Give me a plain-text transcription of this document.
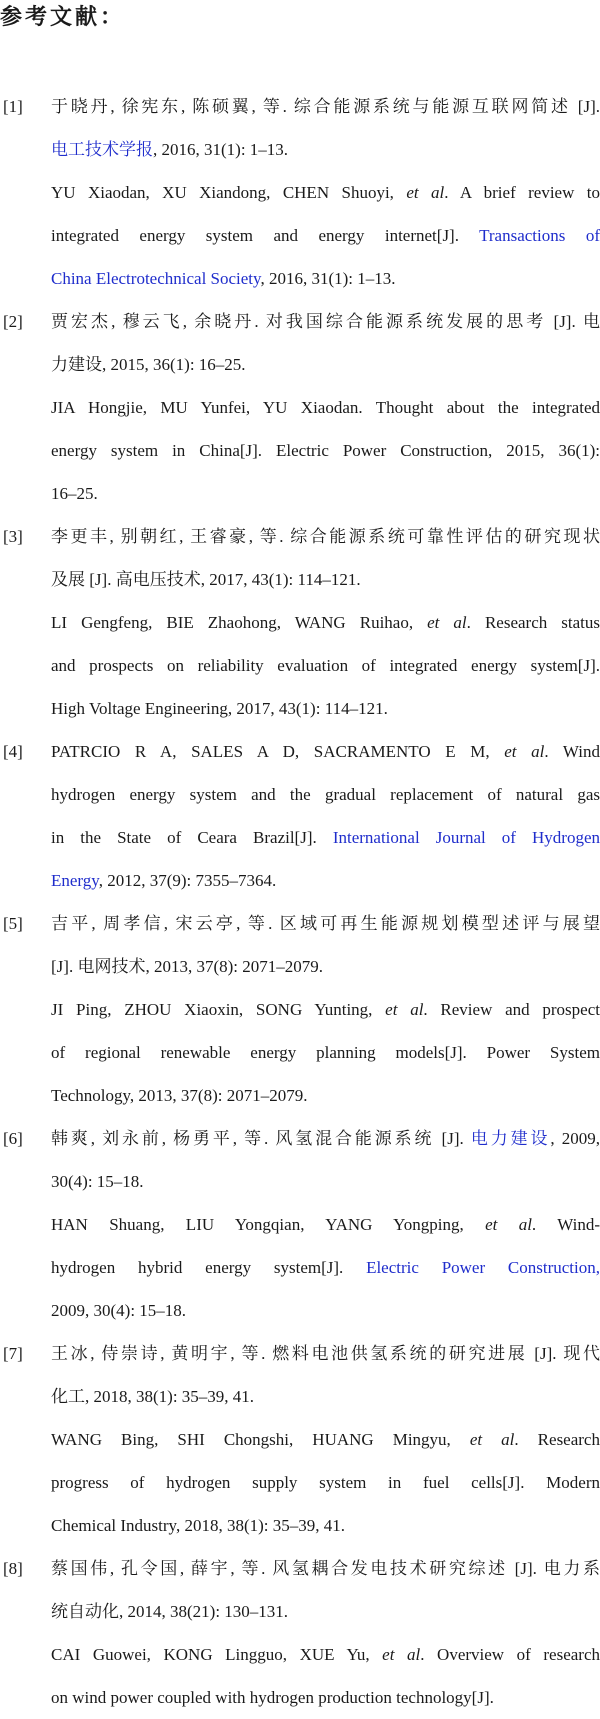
参考文献：
[1] 于晓丹, 徐宪东, 陈硕翼, 等. 综合能源系统与能源互联网简述 [J].
电工技术学报, 2016, 31(1): 1–13.
YU Xiaodan, XU Xiandong, CHEN Shuoyi, et al. A brief review to
integrated energy system and energy internet[J]. Transactions of
China Electrotechnical Society, 2016, 31(1): 1–13.
[2] 贾宏杰, 穆云飞, 余晓丹. 对我国综合能源系统发展的思考 [J]. 电
力建设, 2015, 36(1): 16–25.
JIA Hongjie, MU Yunfei, YU Xiaodan. Thought about the integrated
energy system in China[J]. Electric Power Construction, 2015, 36(1):
16–25.
[3] 李更丰, 别朝红, 王睿豪, 等. 综合能源系统可靠性评估的研究现状
及展 [J]. 高电压技术, 2017, 43(1): 114–121.
LI Gengfeng, BIE Zhaohong, WANG Ruihao, et al. Research status
and prospects on reliability evaluation of integrated energy system[J].
High Voltage Engineering, 2017, 43(1): 114–121.
[4] PATRCIO R A, SALES A D, SACRAMENTO E M, et al. Wind
hydrogen energy system and the gradual replacement of natural gas
in the State of Ceara Brazil[J]. International Journal of Hydrogen
Energy, 2012, 37(9): 7355–7364.
[5] 吉平, 周孝信, 宋云亭, 等. 区域可再生能源规划模型述评与展望
[J]. 电网技术, 2013, 37(8): 2071–2079.
JI Ping, ZHOU Xiaoxin, SONG Yunting, et al. Review and prospect
of regional renewable energy planning models[J]. Power System
Technology, 2013, 37(8): 2071–2079.
[6] 韩爽, 刘永前, 杨勇平, 等. 风氢混合能源系统 [J]. 电力建设, 2009,
30(4): 15–18.
HAN Shuang, LIU Yongqian, YANG Yongping, et al. Wind-
hydrogen hybrid energy system[J]. Electric Power Construction,
2009, 30(4): 15–18.
[7] 王冰, 侍崇诗, 黄明宇, 等. 燃料电池供氢系统的研究进展 [J]. 现代
化工, 2018, 38(1): 35–39, 41.
WANG Bing, SHI Chongshi, HUANG Mingyu, et al. Research
progress of hydrogen supply system in fuel cells[J]. Modern
Chemical Industry, 2018, 38(1): 35–39, 41.
[8] 蔡国伟, 孔令国, 薛宇, 等. 风氢耦合发电技术研究综述 [J]. 电力系
统自动化, 2014, 38(21): 130–131.
CAI Guowei, KONG Lingguo, XUE Yu, et al. Overview of research
on wind power coupled with hydrogen production technology[J].
